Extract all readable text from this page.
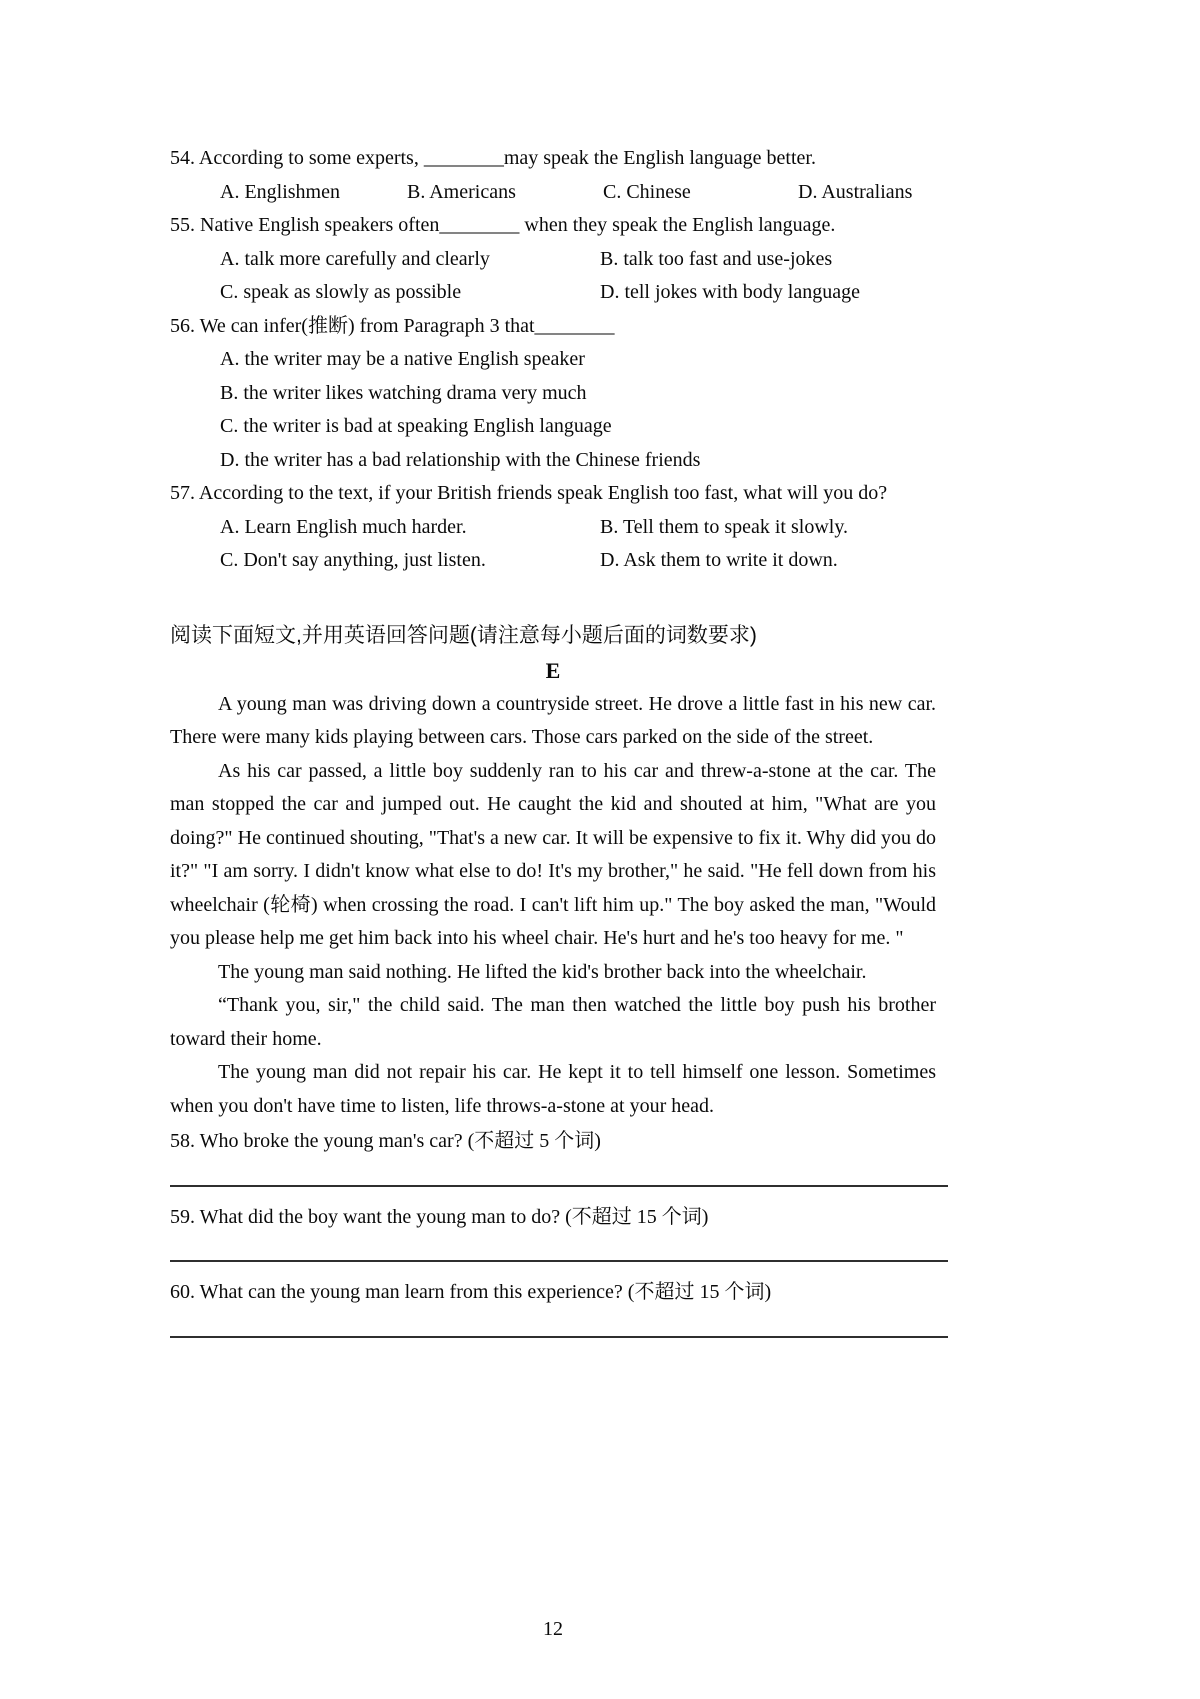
54. According to some experts, ________may speak the English language better.
A. Englishmen	B. Americans	C. Chinese	D. Australians
55. Native English speakers often________ when they speak the English language.
A. talk more carefully and clearly	B. talk too fast and use-jokes
C. speak as slowly as possible	D. tell jokes with body language
56. We can infer(推断) from Paragraph 3 that________
A. the writer may be a native English speaker
B. the writer likes watching drama very much
C. the writer is bad at speaking English language
D. the writer has a bad relationship with the Chinese friends
57. According to the text, if your British friends speak English too fast, what will you do?
A. Learn English much harder.	B. Tell them to speak it slowly.
C. Don't say anything, just listen.	D. Ask them to write it down.
阅读下面短文,并用英语回答问题(请注意每小题后面的词数要求)
E

A young man was driving down a countryside street. He drove a little fast in his new car. There were many kids playing between cars. Those cars parked on the side of the street.

As his car passed, a little boy suddenly ran to his car and threw-a-stone at the car. The man stopped the car and jumped out. He caught the kid and shouted at him, "What are you doing?" He continued shouting, "That's a new car. It will be expensive to fix it. Why did you do it?" "I am sorry. I didn't know what else to do! It's my brother," he said. "He fell down from his wheelchair (轮椅) when crossing the road. I can't lift him up." The boy asked the man, "Would you please help me get him back into his wheel chair. He's hurt and he's too heavy for me. "

The young man said nothing. He lifted the kid's brother back into the wheelchair.

“Thank you, sir," the child said. The man then watched the little boy push his brother toward their home.

The young man did not repair his car. He kept it to tell himself one lesson. Sometimes when you don't have time to listen, life throws-a-stone at your head.

58. Who broke the young man's car? (不超过 5 个词)
59. What did the boy want the young man to do? (不超过 15 个词)
60. What can the young man learn from this experience? (不超过 15 个词)
12
